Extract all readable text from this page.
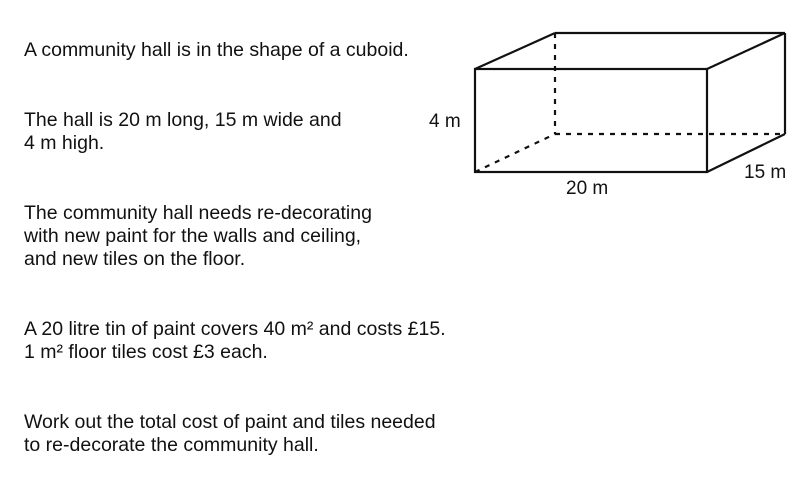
A community hall is in the shape of a cuboid.

The hall is 20 m long, 15 m wide and
4 m high.

The community hall needs re-decorating
with new paint for the walls and ceiling,
and new tiles on the floor.

A 20 litre tin of paint covers 40 m² and costs £15.
1 m² floor tiles cost £3 each.

Work out the total cost of paint and tiles needed
to re-decorate the community hall.

4 m
20 m
15 m
